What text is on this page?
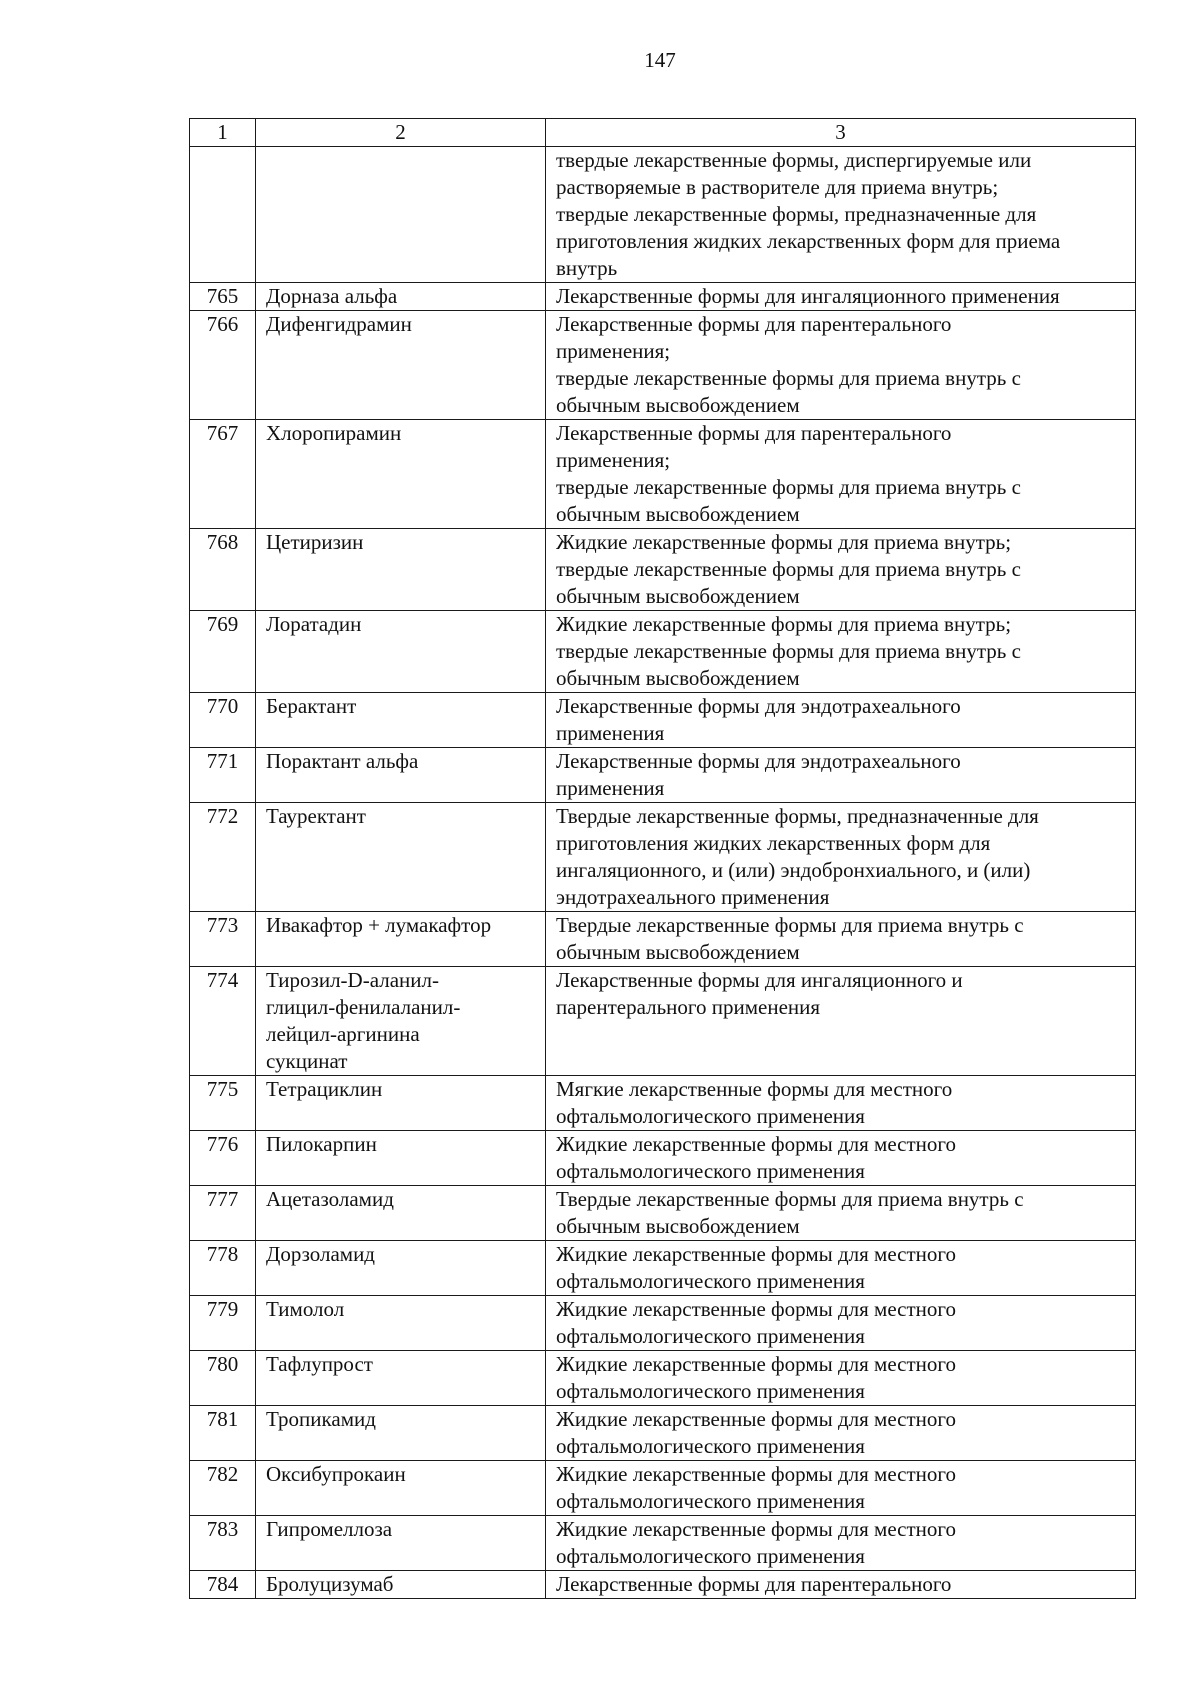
147
1	2	3
		твердые лекарственные формы, диспергируемые или
растворяемые в растворителе для приема внутрь;
твердые лекарственные формы, предназначенные для
приготовления жидких лекарственных форм для приема
внутрь
765	Дорназа альфа	Лекарственные формы для ингаляционного применения
766	Дифенгидрамин	Лекарственные формы для парентерального
применения;
твердые лекарственные формы для приема внутрь с
обычным высвобождением
767	Хлоропирамин	Лекарственные формы для парентерального
применения;
твердые лекарственные формы для приема внутрь с
обычным высвобождением
768	Цетиризин	Жидкие лекарственные формы для приема внутрь;
твердые лекарственные формы для приема внутрь с
обычным высвобождением
769	Лоратадин	Жидкие лекарственные формы для приема внутрь;
твердые лекарственные формы для приема внутрь с
обычным высвобождением
770	Берактант	Лекарственные формы для эндотрахеального
применения
771	Порактант альфа	Лекарственные формы для эндотрахеального
применения
772	Тауректант	Твердые лекарственные формы, предназначенные для
приготовления жидких лекарственных форм для
ингаляционного, и (или) эндобронхиального, и (или)
эндотрахеального применения
773	Ивакафтор + лумакафтор	Твердые лекарственные формы для приема внутрь с
обычным высвобождением
774	Тирозил-D-аланил-
глицил-фенилаланил-
лейцил-аргинина
сукцинат	Лекарственные формы для ингаляционного и
парентерального применения
775	Тетрациклин	Мягкие лекарственные формы для местного
офтальмологического применения
776	Пилокарпин	Жидкие лекарственные формы для местного
офтальмологического применения
777	Ацетазоламид	Твердые лекарственные формы для приема внутрь с
обычным высвобождением
778	Дорзоламид	Жидкие лекарственные формы для местного
офтальмологического применения
779	Тимолол	Жидкие лекарственные формы для местного
офтальмологического применения
780	Тафлупрост	Жидкие лекарственные формы для местного
офтальмологического применения
781	Тропикамид	Жидкие лекарственные формы для местного
офтальмологического применения
782	Оксибупрокаин	Жидкие лекарственные формы для местного
офтальмологического применения
783	Гипромеллоза	Жидкие лекарственные формы для местного
офтальмологического применения
784	Бролуцизумаб	Лекарственные формы для парентерального
